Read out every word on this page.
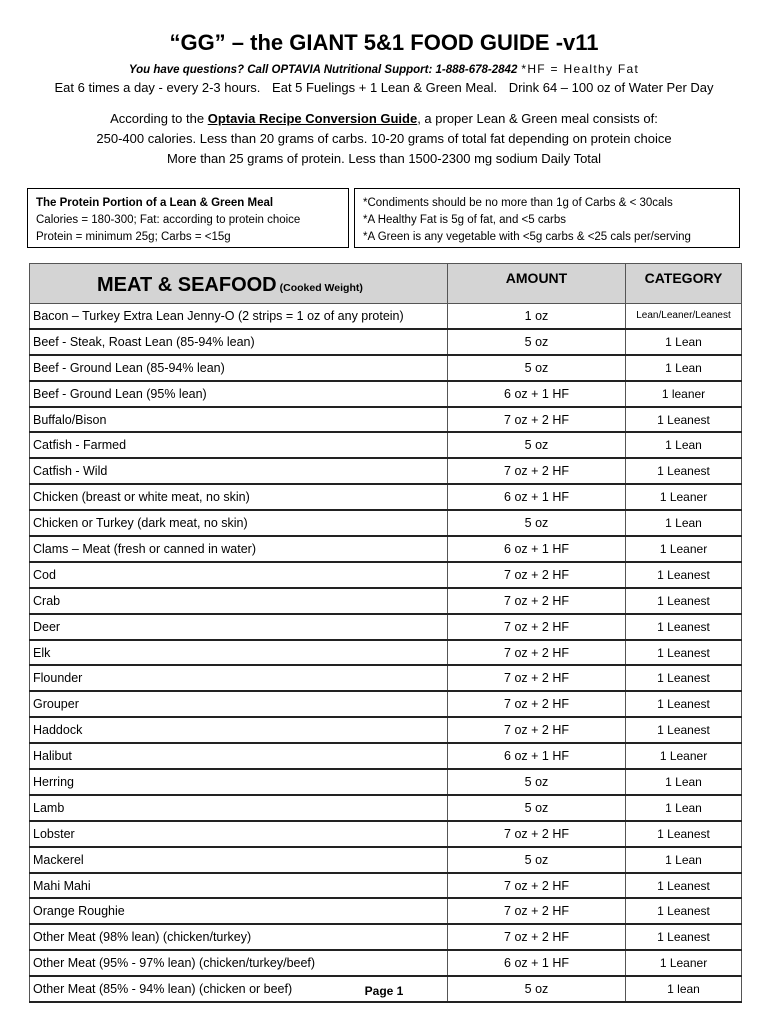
“GG” – the GIANT 5&1 FOOD GUIDE -v11
You have questions? Call OPTAVIA Nutritional Support: 1-888-678-2842 *HF = Healthy Fat
Eat 6 times a day - every 2-3 hours. Eat 5 Fuelings + 1 Lean & Green Meal. Drink 64 – 100 oz of Water Per Day
According to the Optavia Recipe Conversion Guide, a proper Lean & Green meal consists of:
250-400 calories. Less than 20 grams of carbs. 10-20 grams of total fat depending on protein choice
More than 25 grams of protein. Less than 1500-2300 mg sodium Daily Total
The Protein Portion of a Lean & Green Meal
Calories = 180-300; Fat: according to protein choice
Protein = minimum 25g; Carbs = <15g
*Condiments should be no more than 1g of Carbs & < 30cals
*A Healthy Fat is 5g of fat, and <5 carbs
*A Green is any vegetable with <5g carbs & <25 cals per/serving
MEAT & SEAFOOD (Cooked Weight)	AMOUNT	CATEGORY
Bacon – Turkey Extra Lean Jenny-O (2 strips = 1 oz of any protein)	1 oz	Lean/Leaner/Leanest
Beef - Steak, Roast Lean (85-94% lean)	5 oz	1 Lean
Beef - Ground Lean (85-94% lean)	5 oz	1 Lean
Beef - Ground Lean (95% lean)	6 oz + 1 HF	1 leaner
Buffalo/Bison	7 oz + 2 HF	1 Leanest
Catfish - Farmed	5 oz	1 Lean
Catfish - Wild	7 oz + 2 HF	1 Leanest
Chicken (breast or white meat, no skin)	6 oz + 1 HF	1 Leaner
Chicken or Turkey (dark meat, no skin)	5 oz	1 Lean
Clams – Meat (fresh or canned in water)	6 oz + 1 HF	1 Leaner
Cod	7 oz + 2 HF	1 Leanest
Crab	7 oz + 2 HF	1 Leanest
Deer	7 oz + 2 HF	1 Leanest
Elk	7 oz + 2 HF	1 Leanest
Flounder	7 oz + 2 HF	1 Leanest
Grouper	7 oz + 2 HF	1 Leanest
Haddock	7 oz + 2 HF	1 Leanest
Halibut	6 oz + 1 HF	1 Leaner
Herring	5 oz	1 Lean
Lamb	5 oz	1 Lean
Lobster	7 oz + 2 HF	1 Leanest
Mackerel	5 oz	1 Lean
Mahi Mahi	7 oz + 2 HF	1 Leanest
Orange Roughie	7 oz + 2 HF	1 Leanest
Other Meat (98% lean) (chicken/turkey)	7 oz + 2 HF	1 Leanest
Other Meat (95% - 97% lean) (chicken/turkey/beef)	6 oz + 1 HF	1 Leaner
Other Meat (85% - 94% lean) (chicken or beef)	5 oz	1 lean
Page 1
